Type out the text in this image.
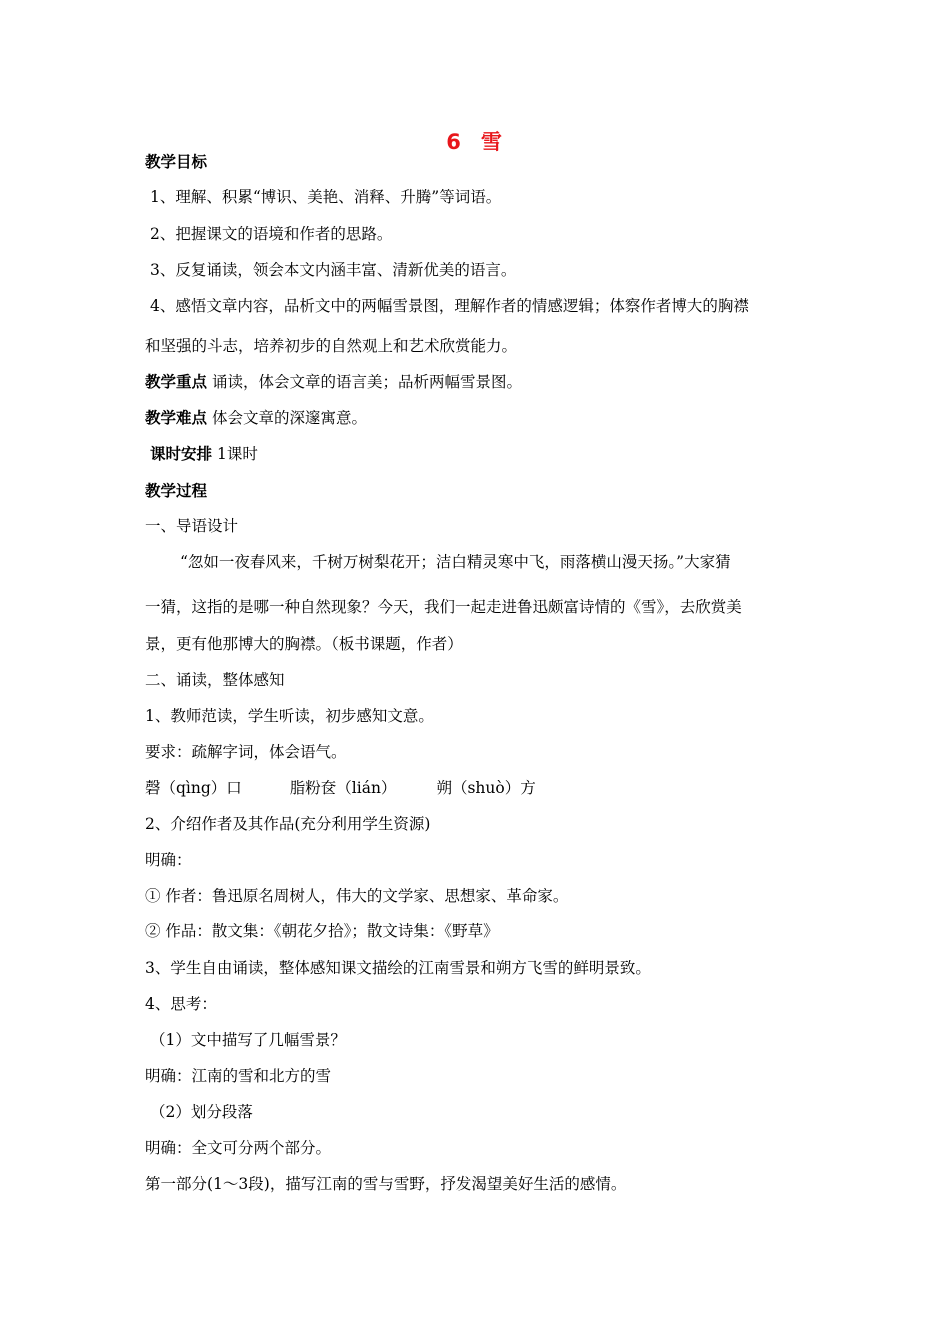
6 雪
教学目标
1、理解、积累“博识、美艳、消释、升腾”等词语。
2、把握课文的语境和作者的思路。
3、反复诵读，领会本文内涵丰富、清新优美的语言。
4、感悟文章内容，品析文中的两幅雪景图，理解作者的情感逻辑；体察作者博大的胸襟
和坚强的斗志，培养初步的自然观上和艺术欣赏能力。
教学重点 诵读，体会文章的语言美；品析两幅雪景图。
教学难点 体会文章的深邃寓意。
课时安排 1课时
教学过程
一、导语设计
“忽如一夜春风来，千树万树梨花开；洁白精灵寒中飞，雨落横山漫天扬。”大家猜
一猜，这指的是哪一种自然现象？今天，我们一起走进鲁迅颇富诗情的《雪》，去欣赏美
景，更有他那博大的胸襟。（板书课题，作者）
二、诵读，整体感知
1、教师范读，学生听读，初步感知文意。
要求：疏解字词，体会语气。
磬（qìng）口	脂粉奁（lián）	朔（shuò）方
2、介绍作者及其作品(充分利用学生资源)
明确：
① 作者：鲁迅原名周树人，伟大的文学家、思想家、革命家。
② 作品：散文集：《朝花夕拾》；散文诗集：《野草》
3、学生自由诵读，整体感知课文描绘的江南雪景和朔方飞雪的鲜明景致。
4、思考：
（1）文中描写了几幅雪景？
明确：江南的雪和北方的雪
（2）划分段落
明确：全文可分两个部分。
第一部分(1～3段)，描写江南的雪与雪野，抒发渴望美好生活的感情。
